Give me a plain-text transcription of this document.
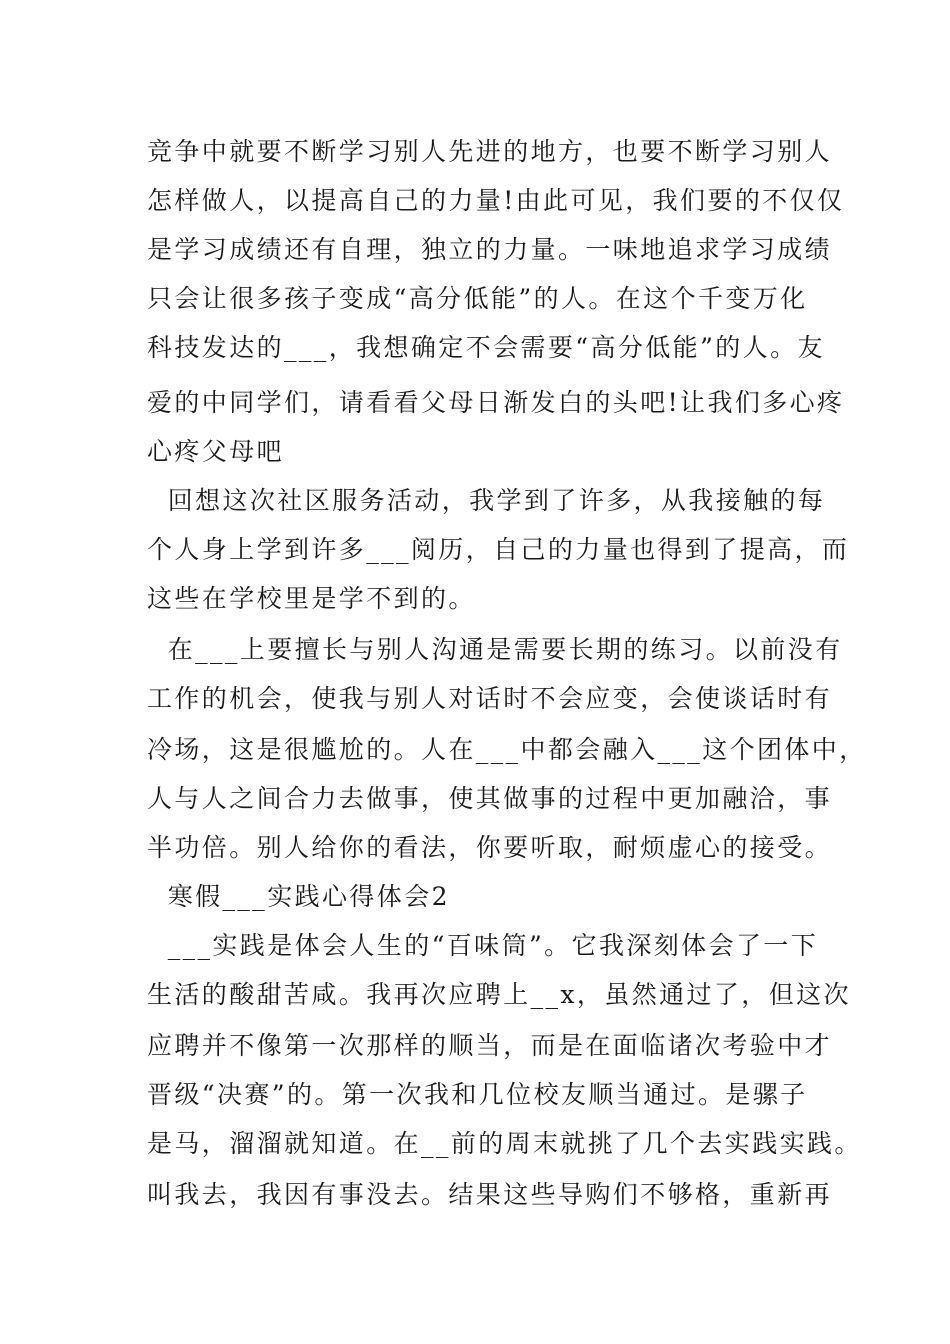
竞争中就要不断学习别人先进的地方，也要不断学习别人
怎样做人，以提高自己的力量!由此可见，我们要的不仅仅
是学习成绩还有自理，独立的力量。一味地追求学习成绩
只会让很多孩子变成“高分低能”的人。在这个千变万化
科技发达的___，我想确定不会需要“高分低能”的人。友
爱的中同学们，请看看父母日渐发白的头吧!让我们多心疼
心疼父母吧
回想这次社区服务活动，我学到了许多，从我接触的每
个人身上学到许多___阅历，自己的力量也得到了提高，而
这些在学校里是学不到的。
在___上要擅长与别人沟通是需要长期的练习。以前没有
工作的机会，使我与别人对话时不会应变，会使谈话时有
冷场，这是很尴尬的。人在___中都会融入___这个团体中，
人与人之间合力去做事，使其做事的过程中更加融洽，事
半功倍。别人给你的看法，你要听取，耐烦虚心的接受。
寒假___实践心得体会2
___实践是体会人生的“百味筒”。它我深刻体会了一下
生活的酸甜苦咸。我再次应聘上__x，虽然通过了，但这次
应聘并不像第一次那样的顺当，而是在面临诸次考验中才
晋级“决赛”的。第一次我和几位校友顺当通过。是骡子
是马，溜溜就知道。在__前的周末就挑了几个去实践实践。
叫我去，我因有事没去。结果这些导购们不够格，重新再
